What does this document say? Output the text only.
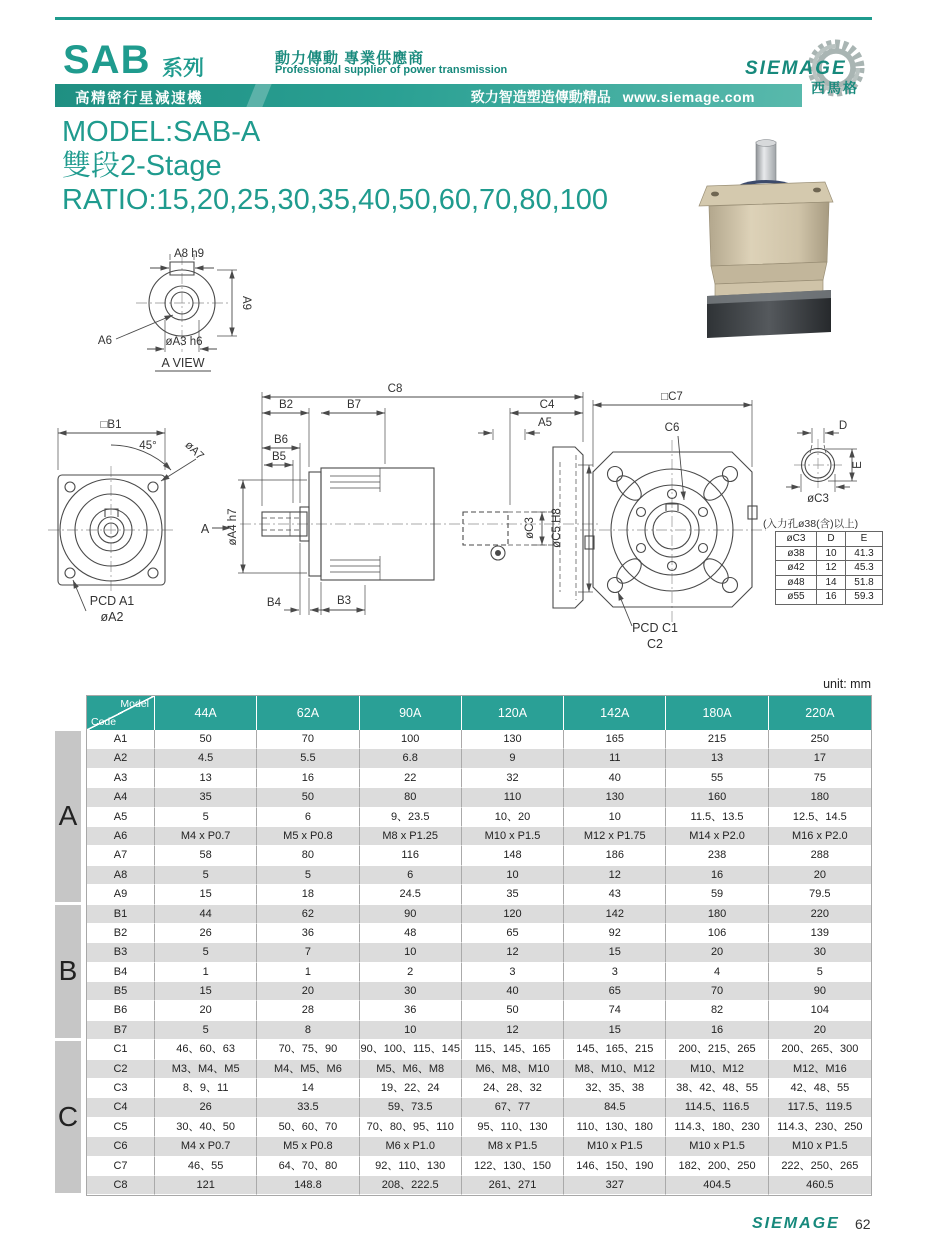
SAB 系列	動力傳動 專業供應商
Professional supplier of power transmission
高精密行星減速機	致力智造塑造傳動精品 www.siemage.com
SIEMAGE
西馬格
MODEL:SAB-A
雙段2-Stage
RATIO:15,20,25,30,35,40,50,60,70,80,100
A8 h9
A9
A6	øA3 h6
A VIEW
□B1
45° øA7
A
PCD A1
øA2
C8
B2	B7	C4
A5
B6
B5
øA4 h7
B4	B3
øC3 øC5 H8
□C7
C6
PCD C1
C2
D
E
øC3
(入力孔ø38(含)以上)
øC3	D	E
ø38	10	41.3
ø42	12	45.3
ø48	14	51.8
ø55	16	59.3
unit: mm
A
B
C
Model
Code
44A	62A	90A	120A	142A	180A	220A
A1	50	70	100	130	165	215	250
A2	4.5	5.5	6.8	9	11	13	17
A3	13	16	22	32	40	55	75
A4	35	50	80	110	130	160	180
A5	5	6	9、23.5	10、20	10	11.5、13.5	12.5、14.5
A6	M4 x P0.7	M5 x P0.8	M8 x P1.25	M10 x P1.5	M12 x P1.75	M14 x P2.0	M16 x P2.0
A7	58	80	116	148	186	238	288
A8	5	5	6	10	12	16	20
A9	15	18	24.5	35	43	59	79.5
B1	44	62	90	120	142	180	220
B2	26	36	48	65	92	106	139
B3	5	7	10	12	15	20	30
B4	1	1	2	3	3	4	5
B5	15	20	30	40	65	70	90
B6	20	28	36	50	74	82	104
B7	5	8	10	12	15	16	20
C1	46、60、63	70、75、90	90、100、115、145	115、145、165	145、165、215	200、215、265	200、265、300
C2	M3、M4、M5	M4、M5、M6	M5、M6、M8	M6、M8、M10	M8、M10、M12	M10、M12	M12、M16
C3	8、9、11	14	19、22、24	24、28、32	32、35、38	38、42、48、55	42、48、55
C4	26	33.5	59、73.5	67、77	84.5	114.5、116.5	117.5、119.5
C5	30、40、50	50、60、70	70、80、95、110	95、110、130	110、130、180	114.3、180、230	114.3、230、250
C6	M4 x P0.7	M5 x P0.8	M6 x P1.0	M8 x P1.5	M10 x P1.5	M10 x P1.5	M10 x P1.5
C7	46、55	64、70、80	92、110、130	122、130、150	146、150、190	182、200、250	222、250、265
C8	121	148.8	208、222.5	261、271	327	404.5	460.5
SIEMAGE 62
